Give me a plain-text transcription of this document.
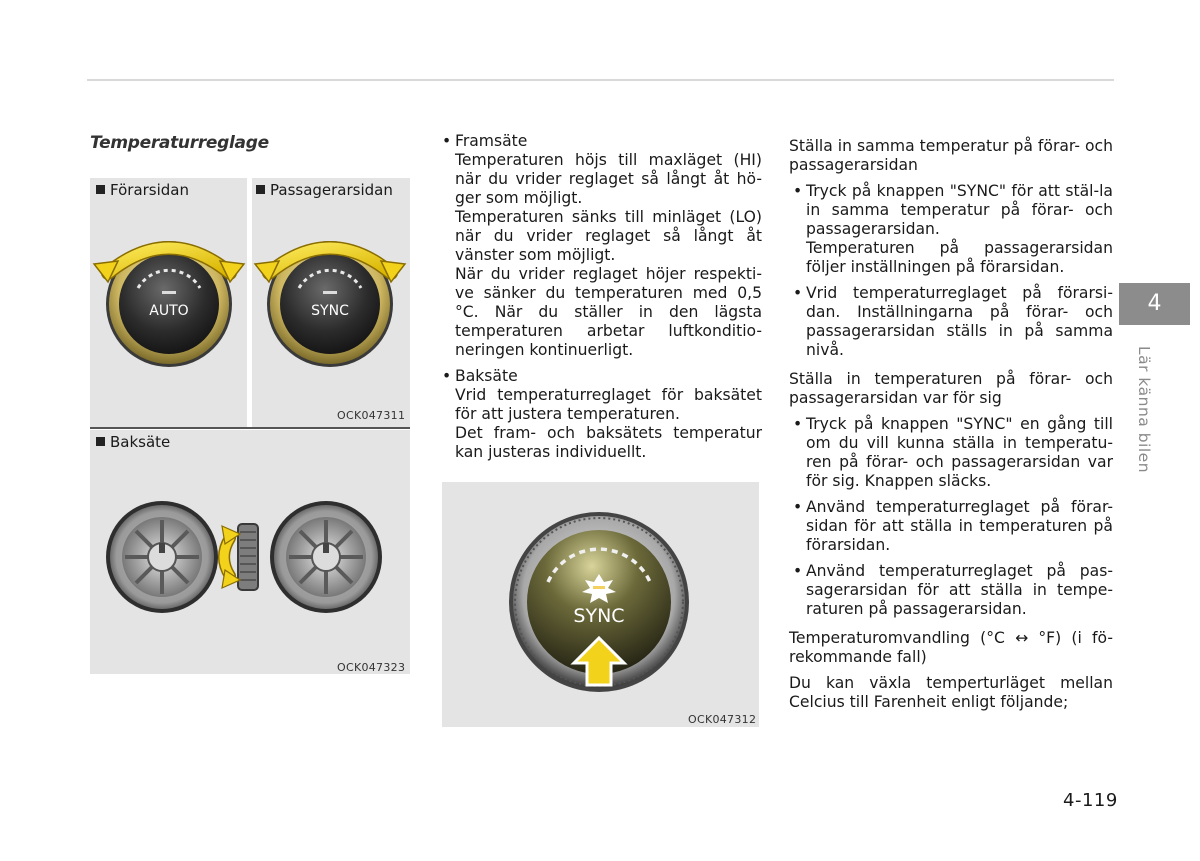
Temperaturreglage
Förarsidan	Passagerarsidan
AUTO	SYNC
OCK047311
Baksäte
OCK047323
SYNC
OCK047312
• Framsäte

Temperaturen höjs till maxläget (HI) när du vrider reglaget så långt åt hö-ger som möjligt.

Temperaturen sänks till minläget (LO) när du vrider reglaget så långt åt vänster som möjligt.

När du vrider reglaget höjer respekti-ve sänker du temperaturen med 0,5 °C. När du ställer in den lägsta temperaturen arbetar luftkonditio-neringen kontinuerligt.

• Baksäte

Vrid temperaturreglaget för baksätet för att justera temperaturen.

Det fram- och baksätets temperatur kan justeras individuellt.

Ställa in samma temperatur på förar- och passagerarsidan

• Tryck på knappen "SYNC" för att stäl-la in samma temperatur på förar- och passagerarsidan.

Temperaturen på passagerarsidan följer inställningen på förarsidan.

• Vrid temperaturreglaget på förarsi-dan. Inställningarna på förar- och passagerarsidan ställs in på samma nivå.

Ställa in temperaturen på förar- och passagerarsidan var för sig

• Tryck på knappen "SYNC" en gång till om du vill kunna ställa in temperatu-ren på förar- och passagerarsidan var för sig. Knappen släcks.

• Använd temperaturreglaget på förar-sidan för att ställa in temperaturen på förarsidan.

• Använd temperaturreglaget på pas-sagerarsidan för att ställa in tempe-raturen på passagerarsidan.

Temperaturomvandling (°C ↔ °F) (i fö-rekommande fall)

Du kan växla temperturläget mellan Celcius till Farenheit enligt följande;

4
Lär känna bilen
4-119
